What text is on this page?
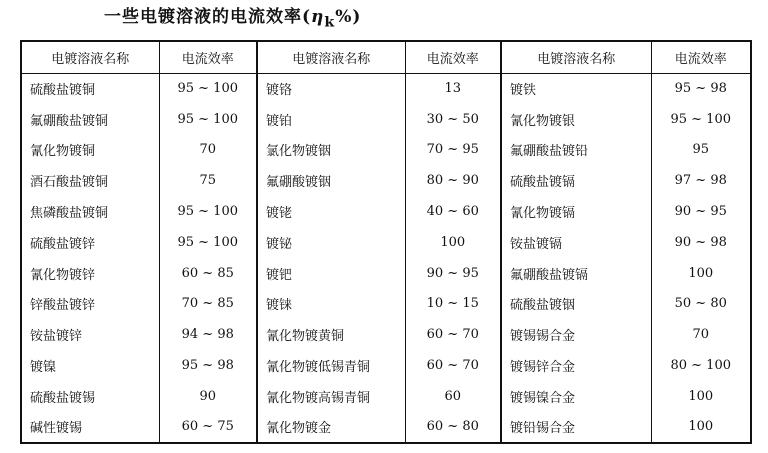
一些电镀溶液的电流效率$(\eta_k\%)$
电镀溶液名称	电流效率	电镀溶液名称	电流效率	电镀溶液名称	电流效率
硫酸盐镀铜	95 ~ 100	镀铬	13	镀铁	95 ~ 98
氟硼酸盐镀铜	95 ~ 100	镀铂	30 ~ 50	氰化物镀银	95 ~ 100
氰化物镀铜	70	氯化物镀铟	70 ~ 95	氟硼酸盐镀铅	95
酒石酸盐镀铜	75	氟硼酸镀铟	80 ~ 90	硫酸盐镀镉	97 ~ 98
焦磷酸盐镀铜	95 ~ 100	镀铑	40 ~ 60	氰化物镀镉	90 ~ 95
硫酸盐镀锌	95 ~ 100	镀铋	100	铵盐镀镉	90 ~ 98
氰化物镀锌	60 ~ 85	镀钯	90 ~ 95	氟硼酸盐镀镉	100
锌酸盐镀锌	70 ~ 85	镀铼	10 ~ 15	硫酸盐镀铟	50 ~ 80
铵盐镀锌	94 ~ 98	氰化物镀黄铜	60 ~ 70	镀锡锡合金	70
镀镍	95 ~ 98	氰化物镀低锡青铜	60 ~ 70	镀锡锌合金	80 ~ 100
硫酸盐镀锡	90	氰化物镀高锡青铜	60	镀锡镍合金	100
碱性镀锡	60 ~ 75	氰化物镀金	60 ~ 80	镀铅锡合金	100
